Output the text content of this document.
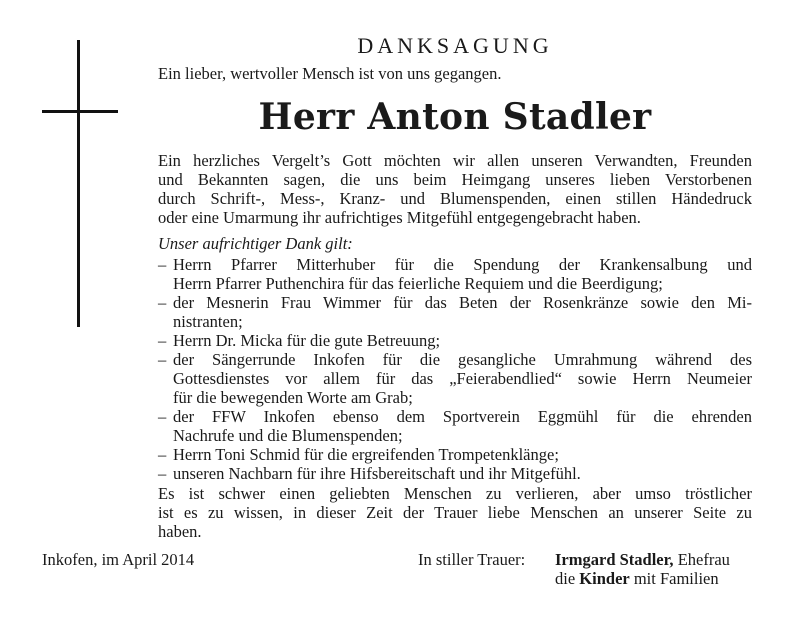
DANKSAGUNG
Ein lieber, wertvoller Mensch ist von uns gegangen.
Herr Anton Stadler
Ein herzliches Vergelt’s Gott möchten wir allen unseren Verwandten, Freunden
und Bekannten sagen, die uns beim Heimgang unseres lieben Verstorbenen
durch Schrift-, Mess-, Kranz- und Blumenspenden, einen stillen Händedruck
oder eine Umarmung ihr aufrichtiges Mitgefühl entgegengebracht haben.
Unser aufrichtiger Dank gilt:
– Herrn Pfarrer Mitterhuber für die Spendung der Krankensalbung und
Herrn Pfarrer Puthenchira für das feierliche Requiem und die Beerdigung;
– der Mesnerin Frau Wimmer für das Beten der Rosenkränze sowie den Mi-
nistranten;
– Herrn Dr. Micka für die gute Betreuung;
– der Sängerrunde Inkofen für die gesangliche Umrahmung während des
Gottesdienstes vor allem für das „Feierabendlied“ sowie Herrn Neumeier
für die bewegenden Worte am Grab;
– der FFW Inkofen ebenso dem Sportverein Eggmühl für die ehrenden
Nachrufe und die Blumenspenden;
– Herrn Toni Schmid für die ergreifenden Trompetenklänge;
– unseren Nachbarn für ihre Hifsbereitschaft und ihr Mitgefühl.
Es ist schwer einen geliebten Menschen zu verlieren, aber umso tröstlicher
ist es zu wissen, in dieser Zeit der Trauer liebe Menschen an unserer Seite zu
haben.
Inkofen, im April 2014	In stiller Trauer: Irmgard Stadler, Ehefrau
die Kinder mit Familien
